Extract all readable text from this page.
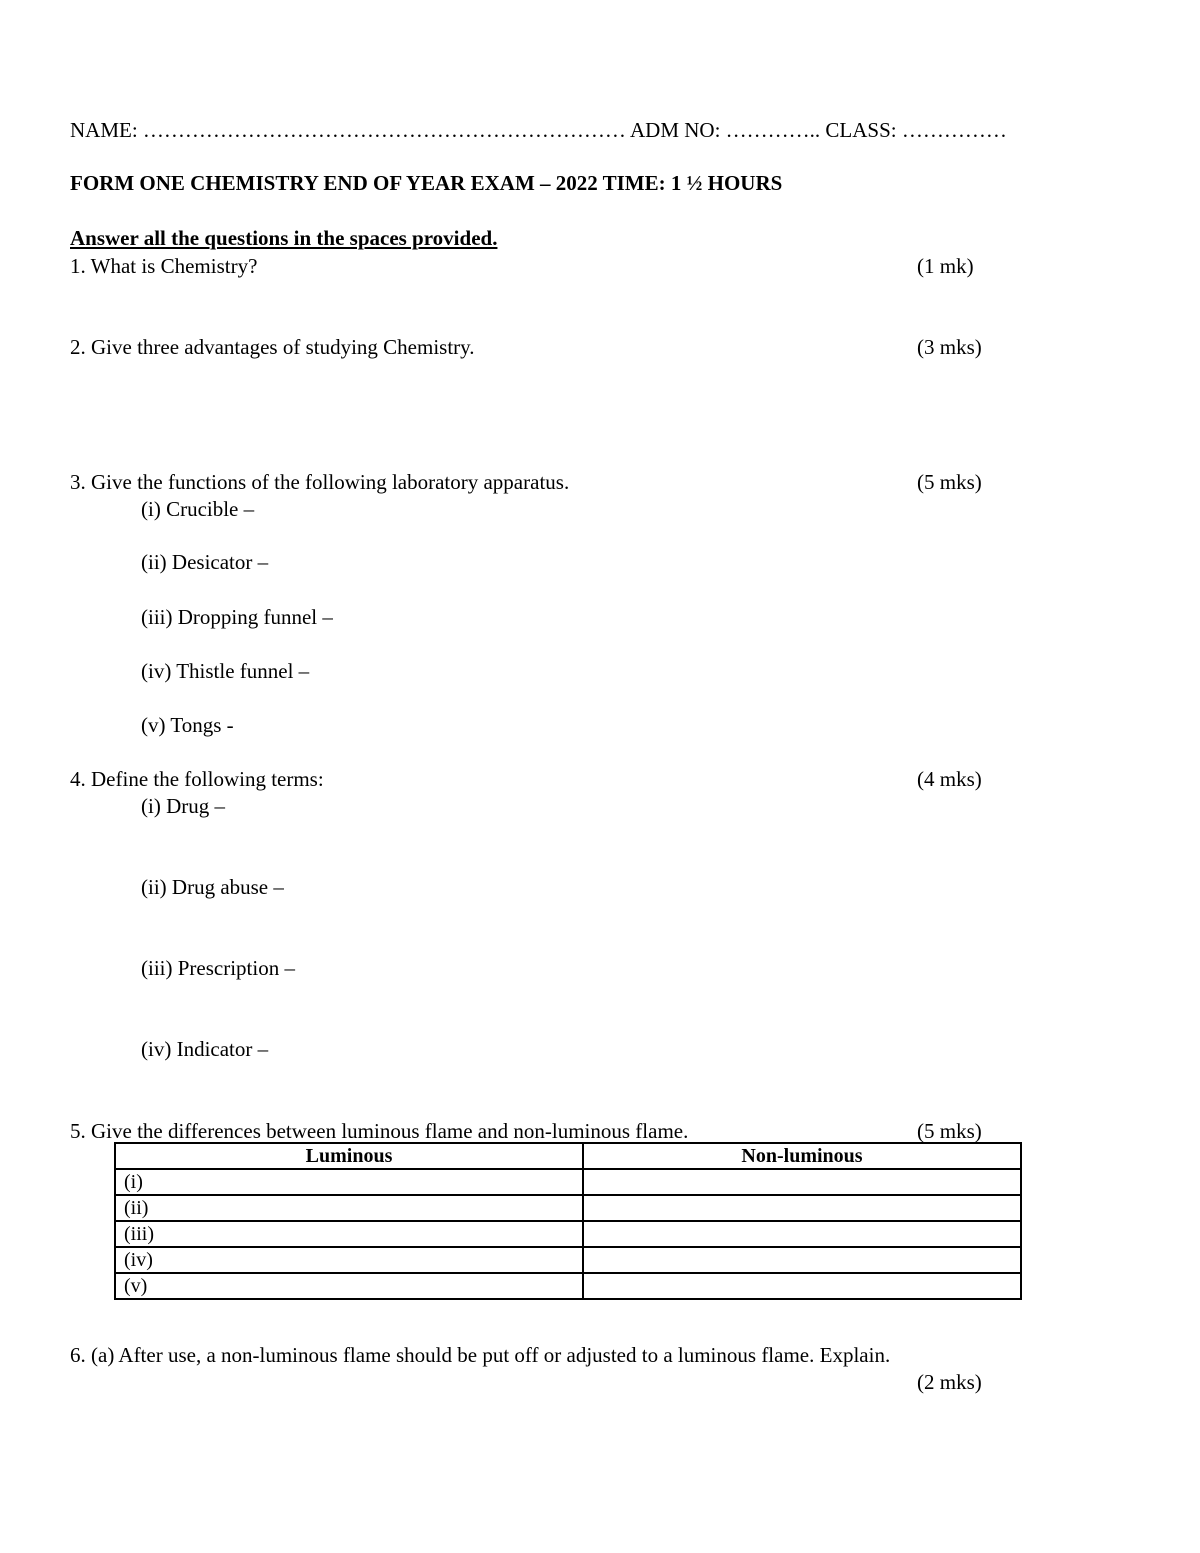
NAME: …………………………………………………………… ADM NO: ………….. CLASS: ……………
FORM ONE CHEMISTRY END OF YEAR EXAM – 2022 TIME: 1 ½ HOURS
Answer all the questions in the spaces provided.
1. What is Chemistry?	(1 mk)
2. Give three advantages of studying Chemistry.	(3 mks)
3. Give the functions of the following laboratory apparatus.	(5 mks)
(i) Crucible –
(ii) Desicator –
(iii) Dropping funnel –
(iv) Thistle funnel –
(v) Tongs -
4. Define the following terms:	(4 mks)
(i) Drug –
(ii) Drug abuse –
(iii) Prescription –
(iv) Indicator –
5. Give the differences between luminous flame and non-luminous flame.	(5 mks)
Luminous	Non-luminous
(i)	
(ii)	
(iii)	
(iv)	
(v)	
6. (a) After use, a non-luminous flame should be put off or adjusted to a luminous flame. Explain.
(2 mks)
